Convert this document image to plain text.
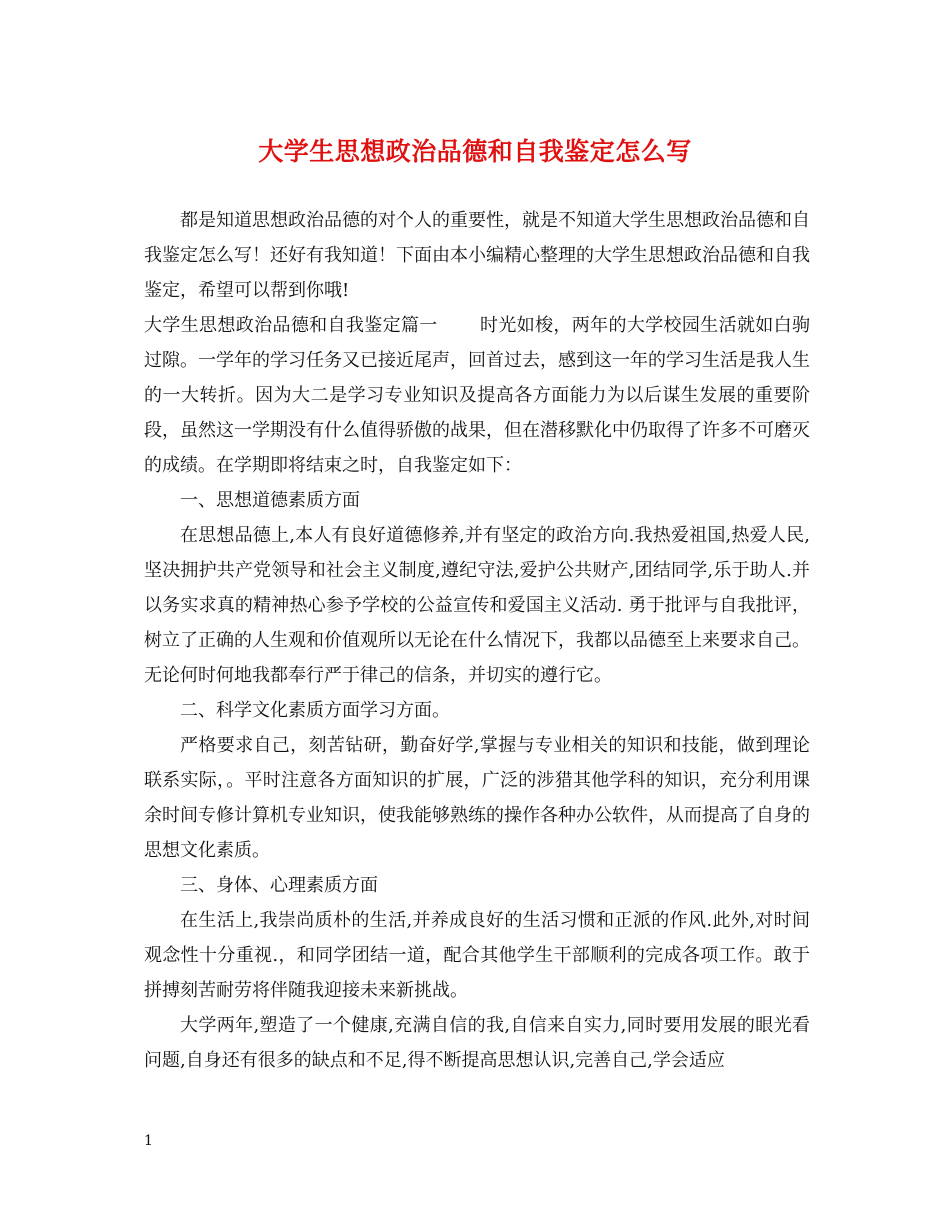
大学生思想政治品德和自我鉴定怎么写

都是知道思想政治品德的对个人的重要性，就是不知道大学生思想政治品德和自我鉴定怎么写！还好有我知道！下面由本小编精心整理的大学生思想政治品德和自我鉴定，希望可以帮到你哦!

大学生思想政治品德和自我鉴定篇一 时光如梭，两年的大学校园生活就如白驹过隙。一学年的学习任务又已接近尾声，回首过去，感到这一年的学习生活是我人生的一大转折。因为大二是学习专业知识及提高各方面能力为以后谋生发展的重要阶段，虽然这一学期没有什么值得骄傲的战果，但在潜移默化中仍取得了许多不可磨灭的成绩。在学期即将结束之时，自我鉴定如下：

一、思想道德素质方面

在思想品德上,本人有良好道德修养,并有坚定的政治方向.我热爱祖国,热爱人民,坚决拥护共产党领导和社会主义制度,遵纪守法,爱护公共财产,团结同学,乐于助人.并以务实求真的精神热心参予学校的公益宣传和爱国主义活动. 勇于批评与自我批评，树立了正确的人生观和价值观所以无论在什么情况下，我都以品德至上来要求自己。无论何时何地我都奉行严于律己的信条，并切实的遵行它。

二、科学文化素质方面学习方面。

严格要求自己，刻苦钻研，勤奋好学,掌握与专业相关的知识和技能，做到理论联系实际，。平时注意各方面知识的扩展，广泛的涉猎其他学科的知识，充分利用课余时间专修计算机专业知识，使我能够熟练的操作各种办公软件，从而提高了自身的思想文化素质。

三、身体、心理素质方面

在生活上,我崇尚质朴的生活,并养成良好的生活习惯和正派的作风.此外,对时间观念性十分重视.，和同学团结一道，配合其他学生干部顺利的完成各项工作。敢于拼搏刻苦耐劳将伴随我迎接未来新挑战。

大学两年,塑造了一个健康,充满自信的我,自信来自实力,同时要用发展的眼光看问题,自身还有很多的缺点和不足,得不断提高思想认识,完善自己,学会适应

1
